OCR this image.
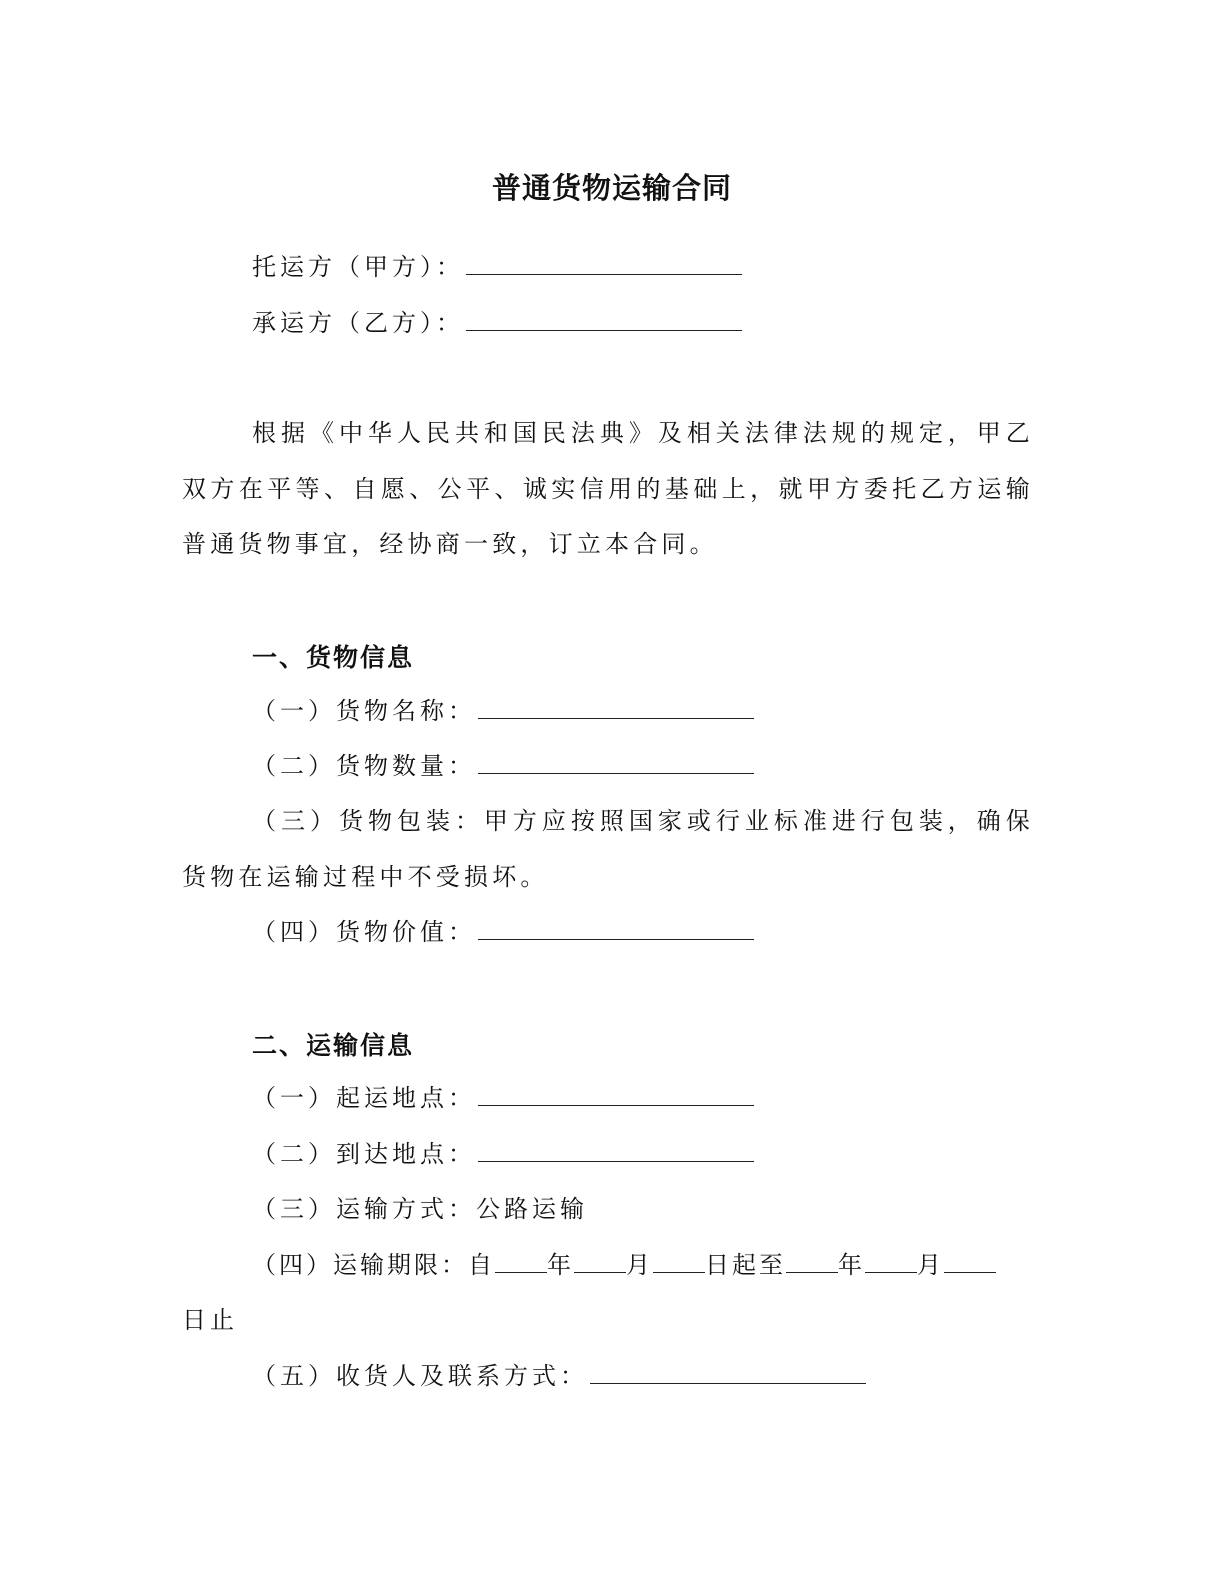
普通货物运输合同
托运方（甲方）：
承运方（乙方）：
根据《中华人民共和国民法典》及相关法律法规的规定，甲乙双方在平等、自愿、公平、诚实信用的基础上，就甲方委托乙方运输普通货物事宜，经协商一致，订立本合同。
一、货物信息
（一）货物名称：
（二）货物数量：
（三）货物包装：甲方应按照国家或行业标准进行包装，确保货物在运输过程中不受损坏。
（四）货物价值：
二、运输信息
（一）起运地点：
（二）到达地点：
（三）运输方式：公路运输
（四）运输期限：自 年 月 日起至 年 月
日止
（五）收货人及联系方式：
